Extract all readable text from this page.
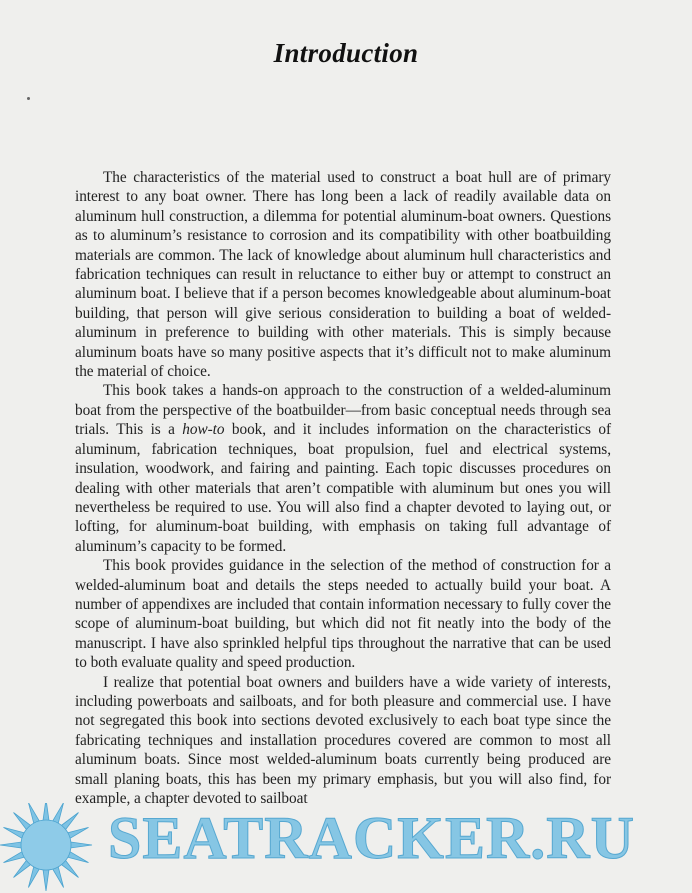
Introduction

The characteristics of the material used to construct a boat hull are of primary interest to any boat owner. There has long been a lack of readily available data on aluminum hull construction, a dilemma for potential aluminum-boat owners. Questions as to aluminum’s resistance to corrosion and its compatibility with other boatbuilding materials are common. The lack of knowledge about aluminum hull characteristics and fabrication techniques can result in reluctance to either buy or attempt to construct an aluminum boat. I believe that if a person becomes knowledgeable about aluminum-boat building, that person will give serious consideration to building a boat of welded-aluminum in preference to building with other materials. This is simply because aluminum boats have so many positive aspects that it’s difficult not to make aluminum the material of choice.

This book takes a hands-on approach to the construction of a welded-aluminum boat from the perspective of the boatbuilder—from basic conceptual needs through sea trials. This is a how-to book, and it includes information on the characteristics of aluminum, fabrication techniques, boat propulsion, fuel and electrical systems, insulation, woodwork, and fairing and painting. Each topic discusses procedures on dealing with other materials that aren’t compatible with aluminum but ones you will nevertheless be required to use. You will also find a chapter devoted to laying out, or lofting, for aluminum-boat building, with emphasis on taking full advantage of aluminum’s capacity to be formed.

This book provides guidance in the selection of the method of construction for a welded-aluminum boat and details the steps needed to actually build your boat. A number of appendixes are included that contain information necessary to fully cover the scope of aluminum-boat building, but which did not fit neatly into the body of the manuscript. I have also sprinkled helpful tips throughout the narrative that can be used to both evaluate quality and speed production.

I realize that potential boat owners and builders have a wide variety of interests, including powerboats and sailboats, and for both pleasure and commercial use. I have not segregated this book into sections devoted exclusively to each boat type since the fabricating techniques and installation procedures covered are common to most all aluminum boats. Since most welded-aluminum boats currently being produced are small planing boats, this has been my primary emphasis, but you will also find, for example, a chapter devoted to sailboat

SEATRACKER.RU
